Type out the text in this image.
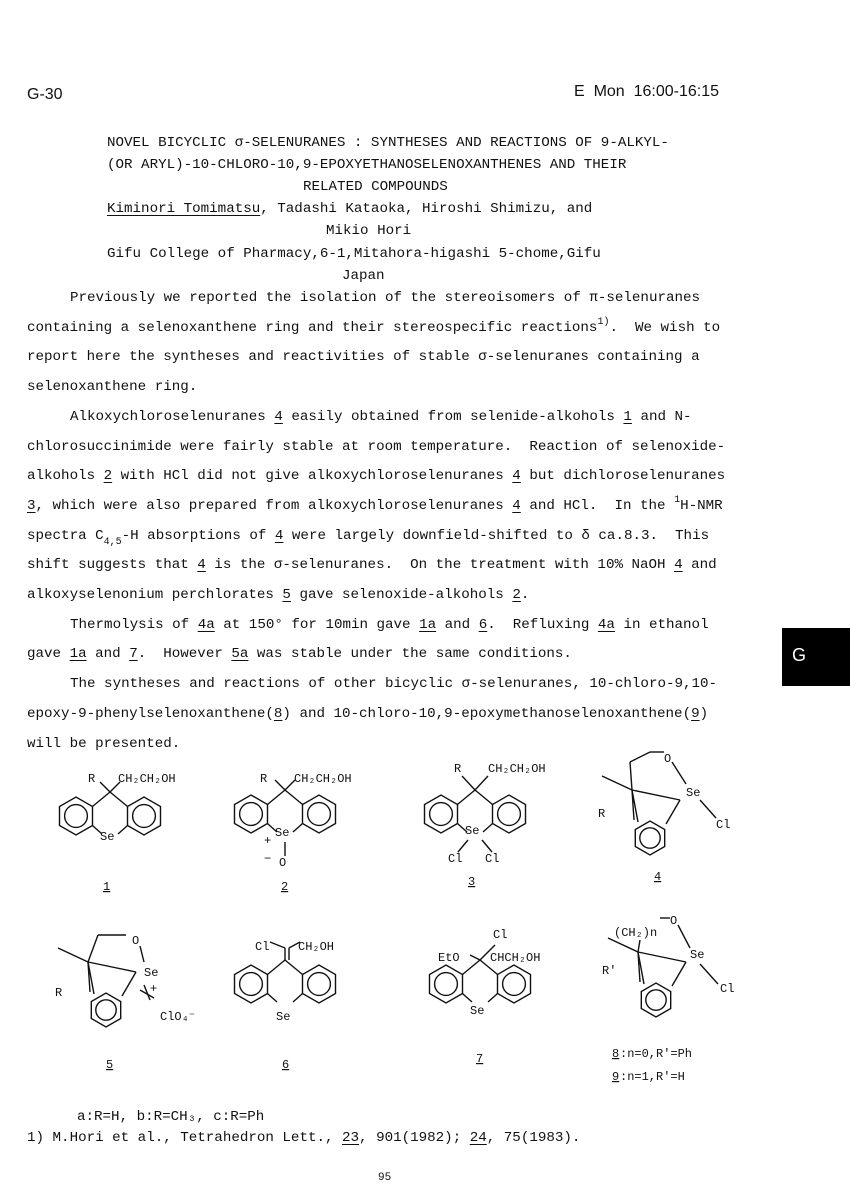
G-30	E  Mon  16:00-16:15
NOVEL BICYCLIC σ-SELENURANES : SYNTHESES AND REACTIONS OF 9-ALKYL-
(OR ARYL)-10-CHLORO-10,9-EPOXYETHANOSELENOXANTHENES AND THEIR
RELATED COMPOUNDS
Kiminori Tomimatsu, Tadashi Kataoka, Hiroshi Shimizu, and
Mikio Hori
Gifu College of Pharmacy,6-1,Mitahora-higashi 5-chome,Gifu
Japan
Previously we reported the isolation of the stereoisomers of π-selenuranes
containing a selenoxanthene ring and their stereospecific reactions$^{1)}$.  We wish to
report here the syntheses and reactivities of stable σ-selenuranes containing a
selenoxanthene ring.
Alkoxychloroselenuranes 4 easily obtained from selenide-alkohols 1 and N-
chlorosuccinimide were fairly stable at room temperature.  Reaction of selenoxide-
alkohols 2 with HCl did not give alkoxychloroselenuranes 4 but dichloroselenuranes
3, which were also prepared from alkoxychloroselenuranes 4 and HCl.  In the $^1$H-NMR
spectra $C_{4,5}-H$ absorptions of 4 were largely downfield-shifted to δ ca.8.3.  This
shift suggests that 4 is the σ-selenuranes.  On the treatment with 10% NaOH 4 and
alkoxyselenonium perchlorates 5 gave selenoxide-alkohols 2.
Thermolysis of 4a at 150° for 10min gave 1a and 6.  Refluxing 4a in ethanol
gave 1a and 7.  However 5a was stable under the same conditions.
The syntheses and reactions of other bicyclic σ-selenuranes, 10-chloro-9,10-
epoxy-9-phenylselenoxanthene(8) and 10-chloro-10,9-epoxymethanoselenoxanthene(9)
will be presented.
G
R CH₂CH₂OH
Se
1
R CH₂CH₂OH
Se
+
− O
2
R CH₂CH₂OH
Se
Cl Cl
3
O
Se
R
Cl
4
O
Se
+
R
ClO₄⁻
5
Cl CH₂OH
Se
6
Cl
EtO	CHCH₂OH
Se
7
(CH₂)n
O
Se
R'
Cl
8 :n=0,R'=Ph
9 :n=1,R'=H
a:R=H, b:R=CH₃, c:R=Ph
1) M.Hori et al., Tetrahedron Lett., 23, 901(1982); 24, 75(1983).
95
